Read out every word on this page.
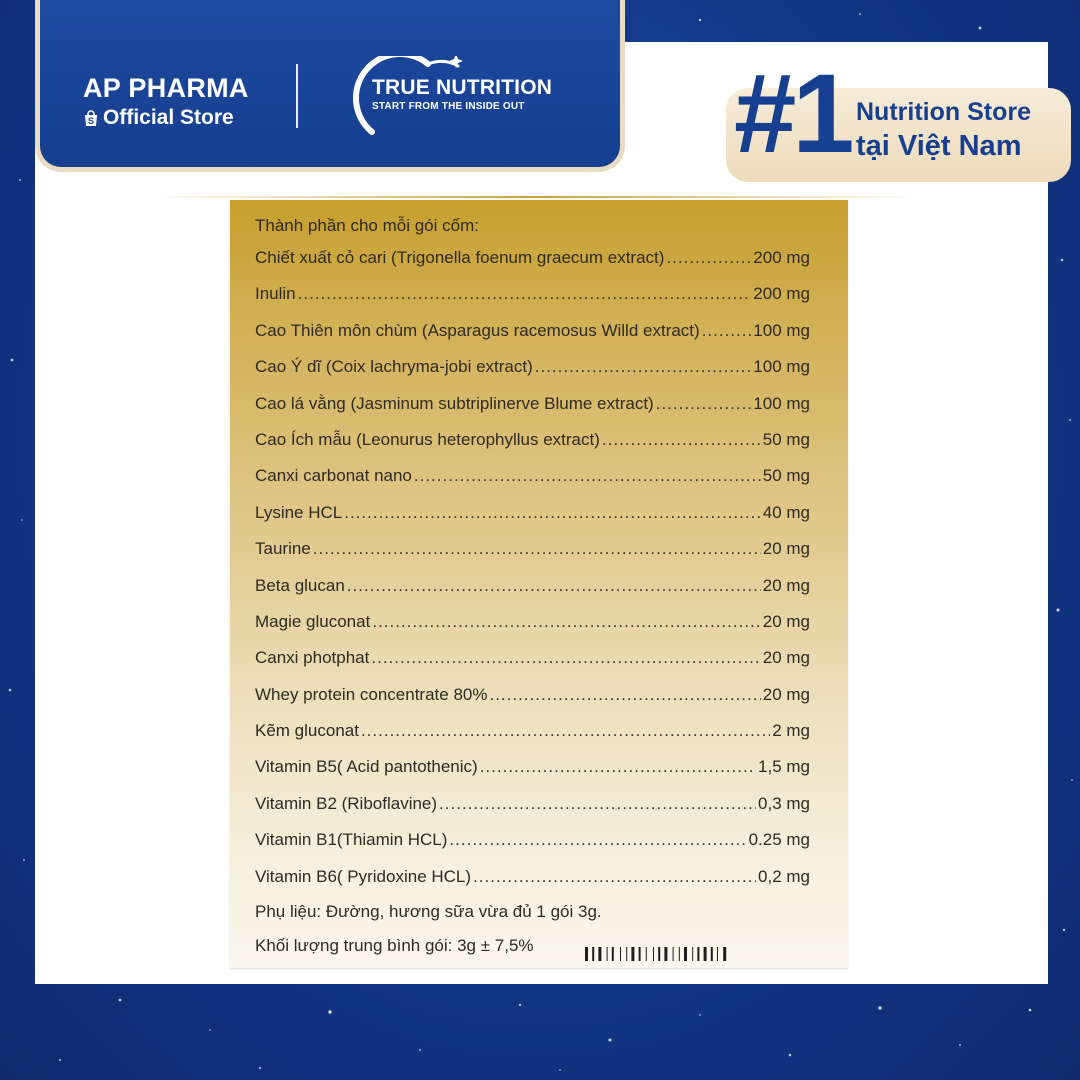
AP PHARMA
S Official Store
TRUE NUTRITION
START FROM THE INSIDE OUT #1 Nutrition Store
tại Việt Nam
Thành phần cho mỗi gói cốm:
Chiết xuất cỏ cari (Trigonella foenum graecum extract) .....	200 mg
Inulin .....	200 mg
Cao Thiên môn chùm (Asparagus racemosus Willd extract) .....	100 mg
Cao Ý dĩ (Coix lachryma-jobi extract) .....	100 mg
Cao lá vằng (Jasminum subtriplinerve Blume extract) .....	100 mg
Cao Ích mẫu (Leonurus heterophyllus extract) .....	50 mg
Canxi carbonat nano .....	50 mg
Lysine HCL .....	40 mg
Taurine .....	20 mg
Beta glucan .....	20 mg
Magie gluconat .....	20 mg
Canxi photphat .....	20 mg
Whey protein concentrate 80% .....	20 mg
Kẽm gluconat .....	2 mg
Vitamin B5( Acid pantothenic) .....	1,5 mg
Vitamin B2 (Riboflavine) .....	0,3 mg
Vitamin B1(Thiamin HCL) .....	0.25 mg
Vitamin B6( Pyridoxine HCL) .....	0,2 mg
Phụ liệu: Đường, hương sữa vừa đủ 1 gói 3g.
Khối lượng trung bình gói: 3g ± 7,5%
